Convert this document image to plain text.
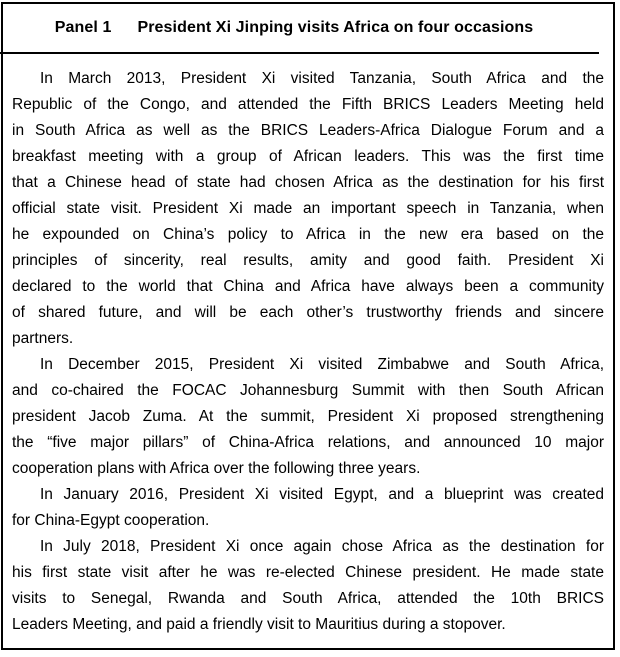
Panel 1 President Xi Jinping visits Africa on four occasions
In March 2013, President Xi visited Tanzania, South Africa and the
Republic of the Congo, and attended the Fifth BRICS Leaders Meeting held
in South Africa as well as the BRICS Leaders-Africa Dialogue Forum and a
breakfast meeting with a group of African leaders. This was the first time
that a Chinese head of state had chosen Africa as the destination for his first
official state visit. President Xi made an important speech in Tanzania, when
he expounded on China’s policy to Africa in the new era based on the
principles of sincerity, real results, amity and good faith. President Xi
declared to the world that China and Africa have always been a community
of shared future, and will be each other’s trustworthy friends and sincere
partners.
In December 2015, President Xi visited Zimbabwe and South Africa,
and co-chaired the FOCAC Johannesburg Summit with then South African
president Jacob Zuma. At the summit, President Xi proposed strengthening
the “five major pillars” of China-Africa relations, and announced 10 major
cooperation plans with Africa over the following three years.
In January 2016, President Xi visited Egypt, and a blueprint was created
for China-Egypt cooperation.
In July 2018, President Xi once again chose Africa as the destination for
his first state visit after he was re-elected Chinese president. He made state
visits to Senegal, Rwanda and South Africa, attended the 10th BRICS
Leaders Meeting, and paid a friendly visit to Mauritius during a stopover.
